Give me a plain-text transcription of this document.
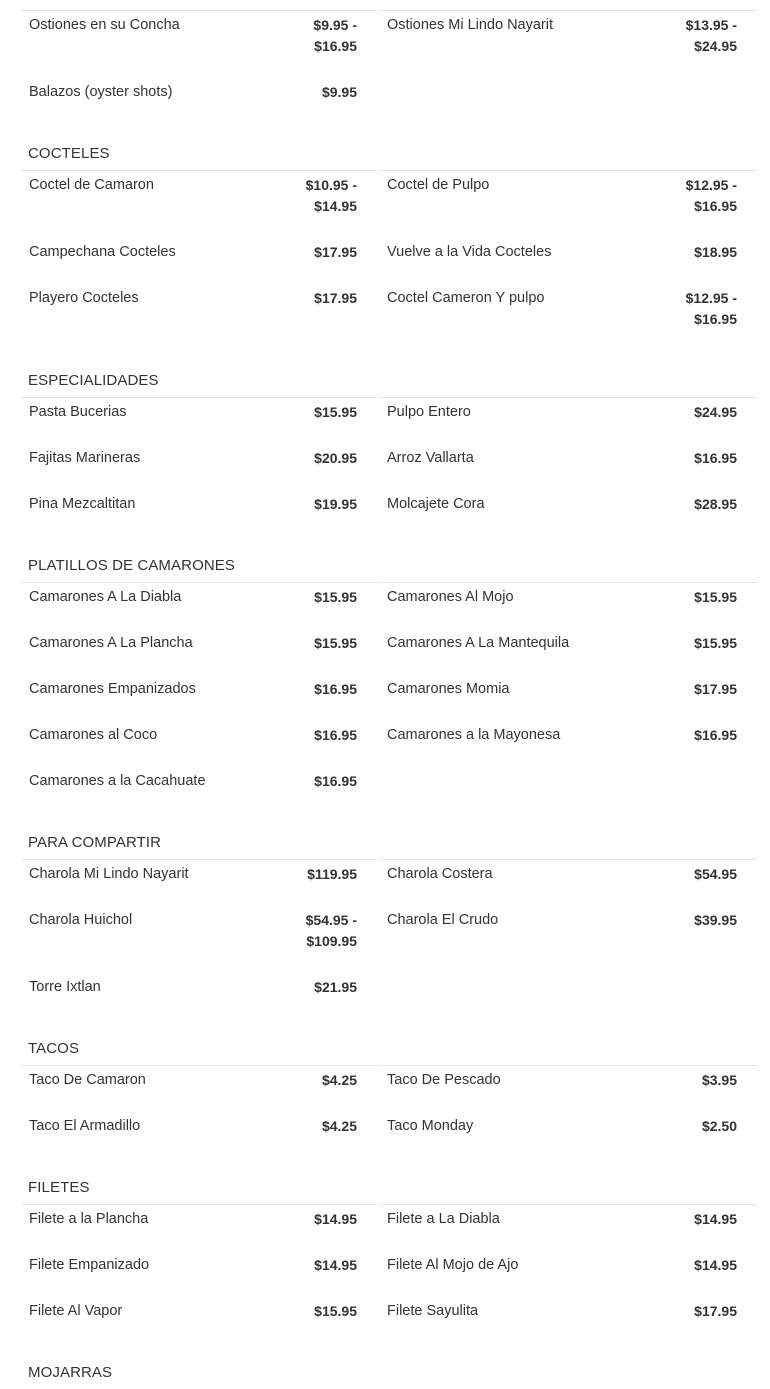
Ostiones en su Concha	$9.95 - $16.95
Ostiones Mi Lindo Nayarit	$13.95 - $24.95
Balazos (oyster shots)	$9.95
COCTELES
Coctel de Camaron	$10.95 - $14.95
Coctel de Pulpo	$12.95 - $16.95
Campechana Cocteles	$17.95	Vuelve a la Vida Cocteles	$18.95
Playero Cocteles	$17.95	Coctel Cameron Y pulpo	$12.95 - $16.95
ESPECIALIDADES
Pasta Bucerias	$15.95	Pulpo Entero	$24.95
Fajitas Marineras	$20.95	Arroz Vallarta	$16.95
Pina Mezcaltitan	$19.95	Molcajete Cora	$28.95
PLATILLOS DE CAMARONES
Camarones A La Diabla	$15.95	Camarones Al Mojo	$15.95
Camarones A La Plancha	$15.95	Camarones A La Mantequila	$15.95
Camarones Empanizados	$16.95	Camarones Momia	$17.95
Camarones al Coco	$16.95	Camarones a la Mayonesa	$16.95
Camarones a la Cacahuate	$16.95
PARA COMPARTIR
Charola Mi Lindo Nayarit	$119.95	Charola Costera	$54.95
Charola Huichol	$54.95 - $109.95
Charola El Crudo	$39.95
Torre Ixtlan	$21.95
TACOS
Taco De Camaron	$4.25	Taco De Pescado	$3.95
Taco El Armadillo	$4.25	Taco Monday	$2.50
FILETES
Filete a la Plancha	$14.95	Filete a La Diabla	$14.95
Filete Empanizado	$14.95	Filete Al Mojo de Ajo	$14.95
Filete Al Vapor	$15.95	Filete Sayulita	$17.95
MOJARRAS
